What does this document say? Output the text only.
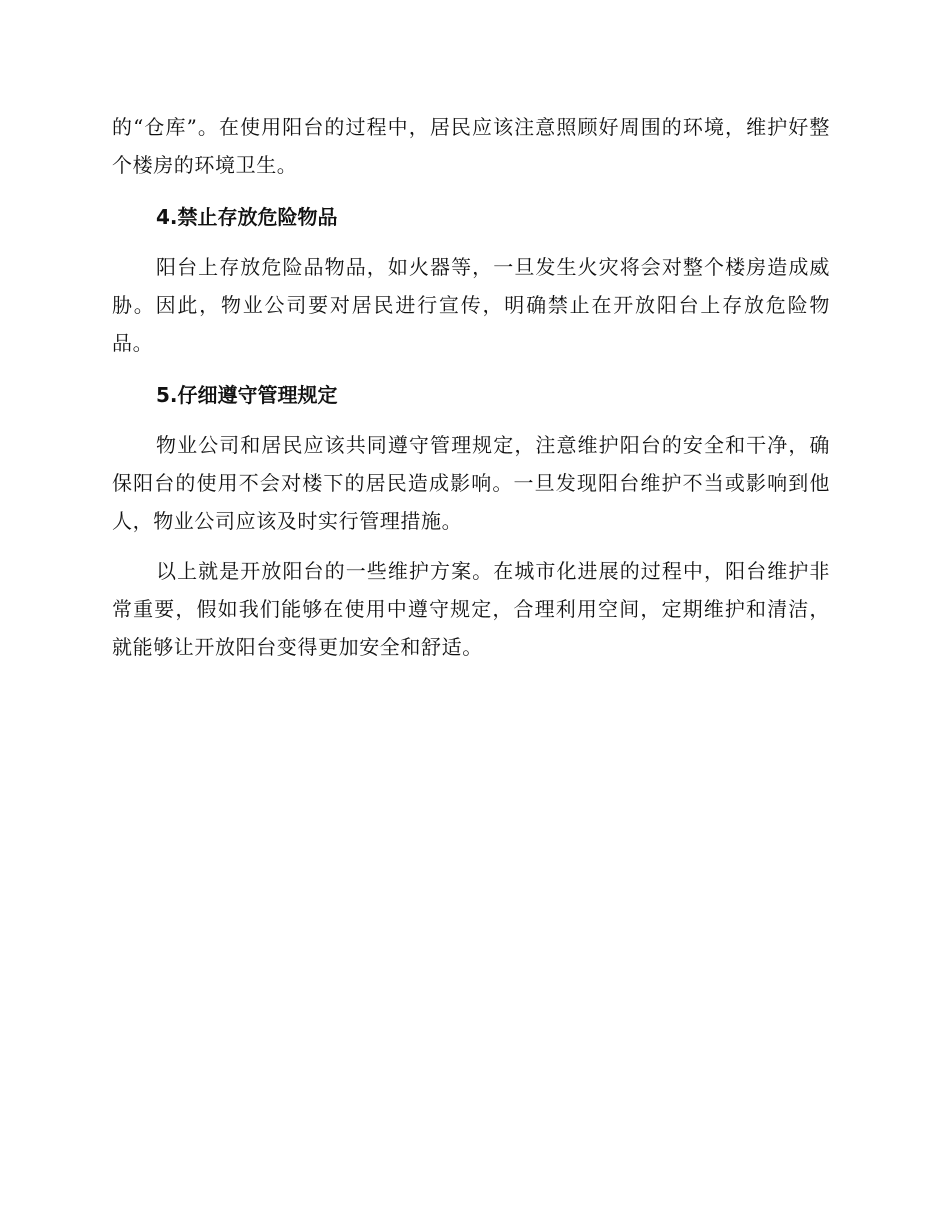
的“仓库”。在使用阳台的过程中，居民应该注意照顾好周围的环境，维护好整个楼房的环境卫生。

4.禁止存放危险物品

阳台上存放危险品物品，如火器等，一旦发生火灾将会对整个楼房造成威胁。因此，物业公司要对居民进行宣传，明确禁止在开放阳台上存放危险物品。

5.仔细遵守管理规定

物业公司和居民应该共同遵守管理规定，注意维护阳台的安全和干净，确保阳台的使用不会对楼下的居民造成影响。一旦发现阳台维护不当或影响到他人，物业公司应该及时实行管理措施。

以上就是开放阳台的一些维护方案。在城市化进展的过程中，阳台维护非常重要，假如我们能够在使用中遵守规定，合理利用空间，定期维护和清洁，就能够让开放阳台变得更加安全和舒适。
